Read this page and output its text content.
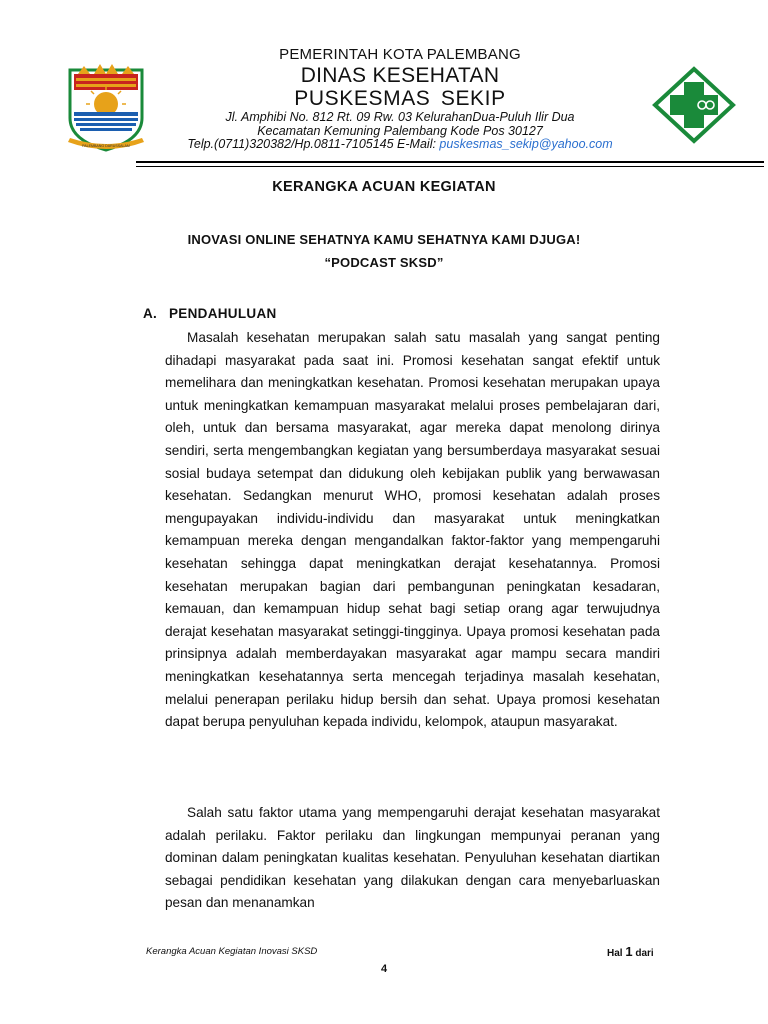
PALEMBANG DARUSSALAM
PEMERINTAH KOTA PALEMBANG
DINAS KESEHATAN
PUSKESMAS SEKIP
Jl. Amphibi No. 812 Rt. 09 Rw. 03 KelurahanDua-Puluh Ilir Dua
Kecamatan Kemuning Palembang Kode Pos 30127
Telp.(0711)320382/Hp.0811-7105145 E-Mail: puskesmas_sekip@yahoo.com
KERANGKA ACUAN KEGIATAN
INOVASI ONLINE SEHATNYA KAMU SEHATNYA KAMI DJUGA!
“PODCAST SKSD”
A. PENDAHULUAN

Masalah kesehatan merupakan salah satu masalah yang sangat penting dihadapi masyarakat pada saat ini. Promosi kesehatan sangat efektif untuk memelihara dan meningkatkan kesehatan. Promosi kesehatan merupakan upaya untuk meningkatkan kemampuan masyarakat melalui proses pembelajaran dari, oleh, untuk dan bersama masyarakat, agar mereka dapat menolong dirinya sendiri, serta mengembangkan kegiatan yang bersumberdaya masyarakat sesuai sosial budaya setempat dan didukung oleh kebijakan publik yang berwawasan kesehatan. Sedangkan menurut WHO, promosi kesehatan adalah proses mengupayakan individu-individu dan masyarakat untuk meningkatkan kemampuan mereka dengan mengandalkan faktor-faktor yang mempengaruhi kesehatan sehingga dapat meningkatkan derajat kesehatannya. Promosi kesehatan merupakan bagian dari pembangunan peningkatan kesadaran, kemauan, dan kemampuan hidup sehat bagi setiap orang agar terwujudnya derajat kesehatan masyarakat setinggi-tingginya. Upaya promosi kesehatan pada prinsipnya adalah memberdayakan masyarakat agar mampu secara mandiri meningkatkan kesehatannya serta mencegah terjadinya masalah kesehatan, melalui penerapan perilaku hidup bersih dan sehat. Upaya promosi kesehatan dapat berupa penyuluhan kepada individu, kelompok, ataupun masyarakat.

Salah satu faktor utama yang mempengaruhi derajat kesehatan masyarakat adalah perilaku. Faktor perilaku dan lingkungan mempunyai peranan yang dominan dalam peningkatan kualitas kesehatan. Penyuluhan kesehatan diartikan sebagai pendidikan kesehatan yang dilakukan dengan cara menyebarluaskan pesan dan menanamkan

Kerangka Acuan Kegiatan Inovasi SKSD	Hal 1 dari
4
